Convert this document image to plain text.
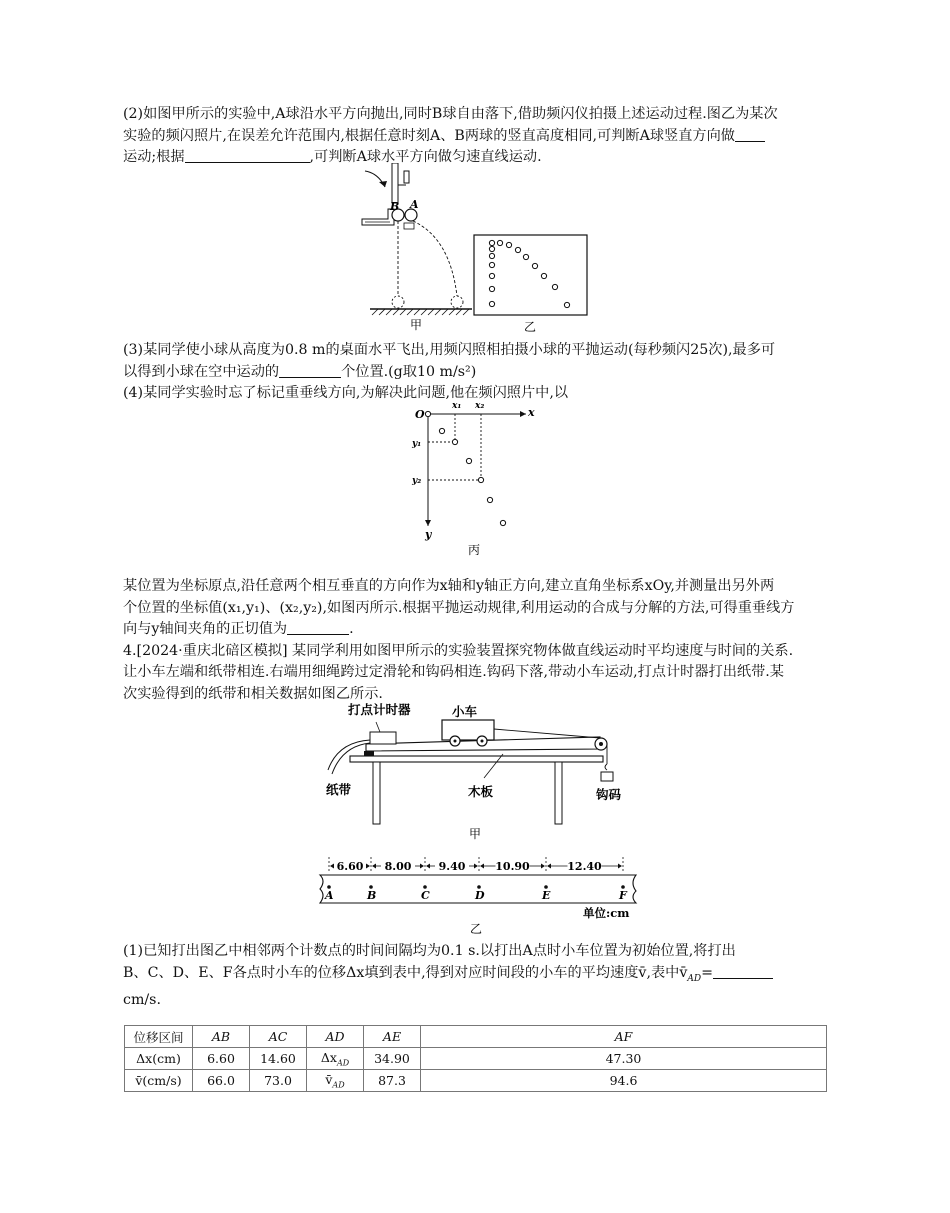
(2)如图甲所示的实验中,A球沿水平方向抛出,同时B球自由落下,借助频闪仪拍摄上述运动过程.图乙为某次
实验的频闪照片,在误差允许范围内,根据任意时刻A、B两球的竖直高度相同,可判断A球竖直方向做
运动;根据	,可判断A球水平方向做匀速直线运动.
B A
甲	乙
(3)某同学使小球从高度为0.8 m的桌面水平飞出,用频闪照相拍摄小球的平抛运动(每秒频闪25次),最多可
以得到小球在空中运动的	个位置.(g取10 m/s²)
(4)某同学实验时忘了标记重垂线方向,为解决此问题,他在频闪照片中,以
O	x
y
x₁ x₂
y₁
y₂
丙
某位置为坐标原点,沿任意两个相互垂直的方向作为x轴和y轴正方向,建立直角坐标系xOy,并测量出另外两
个位置的坐标值(x₁,y₁)、(x₂,y₂),如图丙所示.根据平抛运动规律,利用运动的合成与分解的方法,可得重垂线方
向与y轴间夹角的正切值为	.
4.[2024·重庆北碚区模拟] 某同学利用如图甲所示的实验装置探究物体做直线运动时平均速度与时间的关系.
让小车左端和纸带相连.右端用细绳跨过定滑轮和钩码相连.钩码下落,带动小车运动,打点计时器打出纸带.某
次实验得到的纸带和相关数据如图乙所示.
打点计时器	小车
纸带	木板	钩码
甲
A	B	C	D	E	F
6.60 8.00 9.40	10.90	12.40
单位:cm
乙
(1)已知打出图乙中相邻两个计数点的时间间隔均为0.1 s.以打出A点时小车位置为初始位置,将打出
B、C、D、E、F各点时小车的位移Δx填到表中,得到对应时间段的小车的平均速度v̄,表中$v̄_{AD}=$
cm/s.
位移区间	AB	AC	AD	AE	AF
Δx(cm)	6.60	14.60	$\Delta x_{AD}$	34.90	47.30
v̄(cm/s)	66.0	73.0	$v̄_{AD}$	87.3	94.6
